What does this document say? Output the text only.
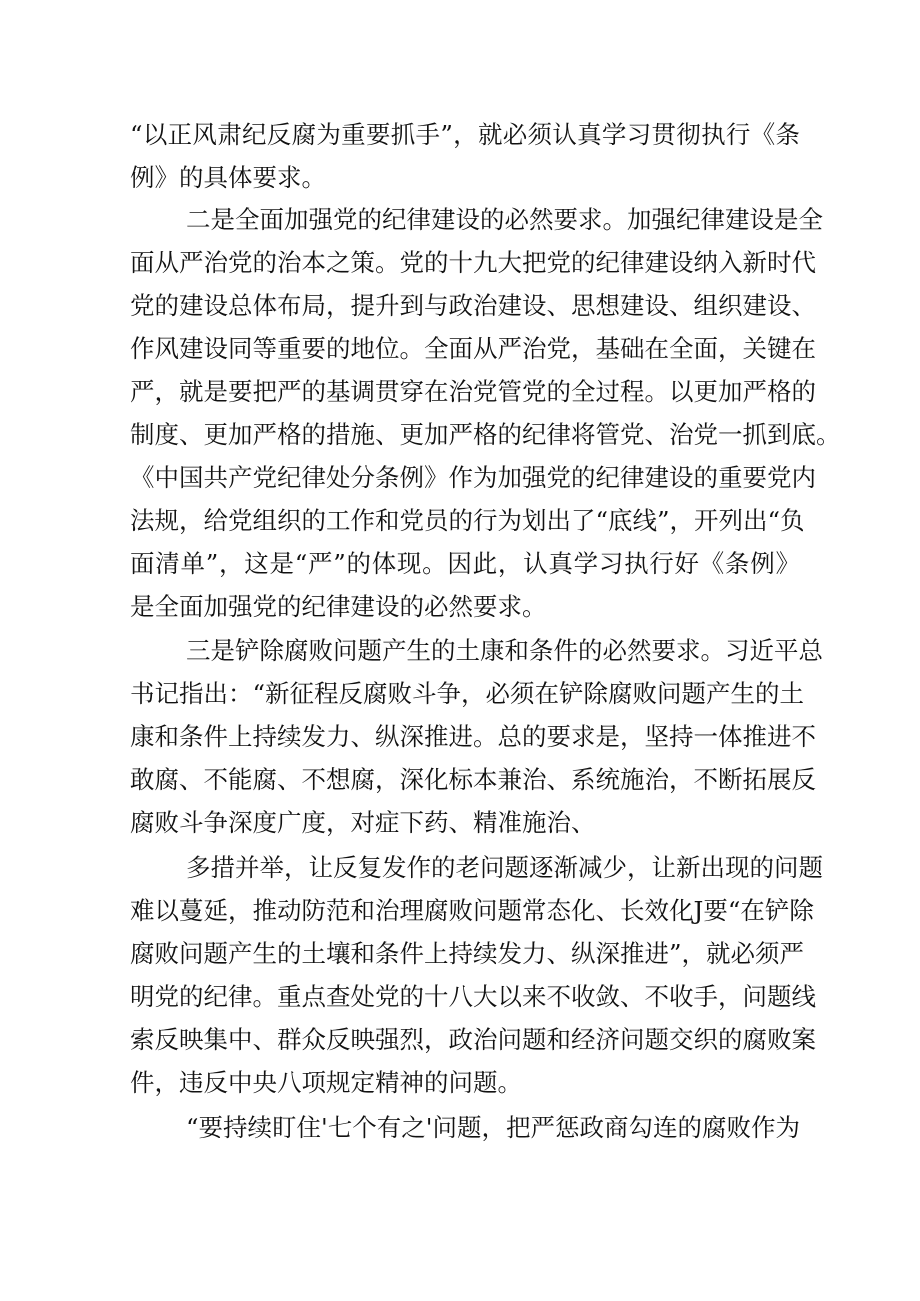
“以正风肃纪反腐为重要抓手”，就必须认真学习贯彻执行《条
例》的具体要求。
二是全面加强党的纪律建设的必然要求。加强纪律建设是全
面从严治党的治本之策。党的十九大把党的纪律建设纳入新时代
党的建设总体布局，提升到与政治建设、思想建设、组织建设、
作风建设同等重要的地位。全面从严治党，基础在全面，关键在
严，就是要把严的基调贯穿在治党管党的全过程。以更加严格的
制度、更加严格的措施、更加严格的纪律将管党、治党一抓到底。
《中国共产党纪律处分条例》作为加强党的纪律建设的重要党内
法规，给党组织的工作和党员的行为划出了“底线”，开列出“负
面清单”，这是“严”的体现。因此，认真学习执行好《条例》
是全面加强党的纪律建设的必然要求。
三是铲除腐败问题产生的土康和条件的必然要求。习近平总
书记指出：“新征程反腐败斗争，必须在铲除腐败问题产生的土
康和条件上持续发力、纵深推进。总的要求是，坚持一体推进不
敢腐、不能腐、不想腐，深化标本兼治、系统施治，不断拓展反
腐败斗争深度广度，对症下药、精准施治、
多措并举，让反复发作的老问题逐渐减少，让新出现的问题
难以蔓延，推动防范和治理腐败问题常态化、长效化J要“在铲除
腐败问题产生的土壤和条件上持续发力、纵深推进”，就必须严
明党的纪律。重点查处党的十八大以来不收敛、不收手，问题线
索反映集中、群众反映强烈，政治问题和经济问题交织的腐败案
件，违反中央八项规定精神的问题。
“要持续盯住'七个有之'问题，把严惩政商勾连的腐败作为
